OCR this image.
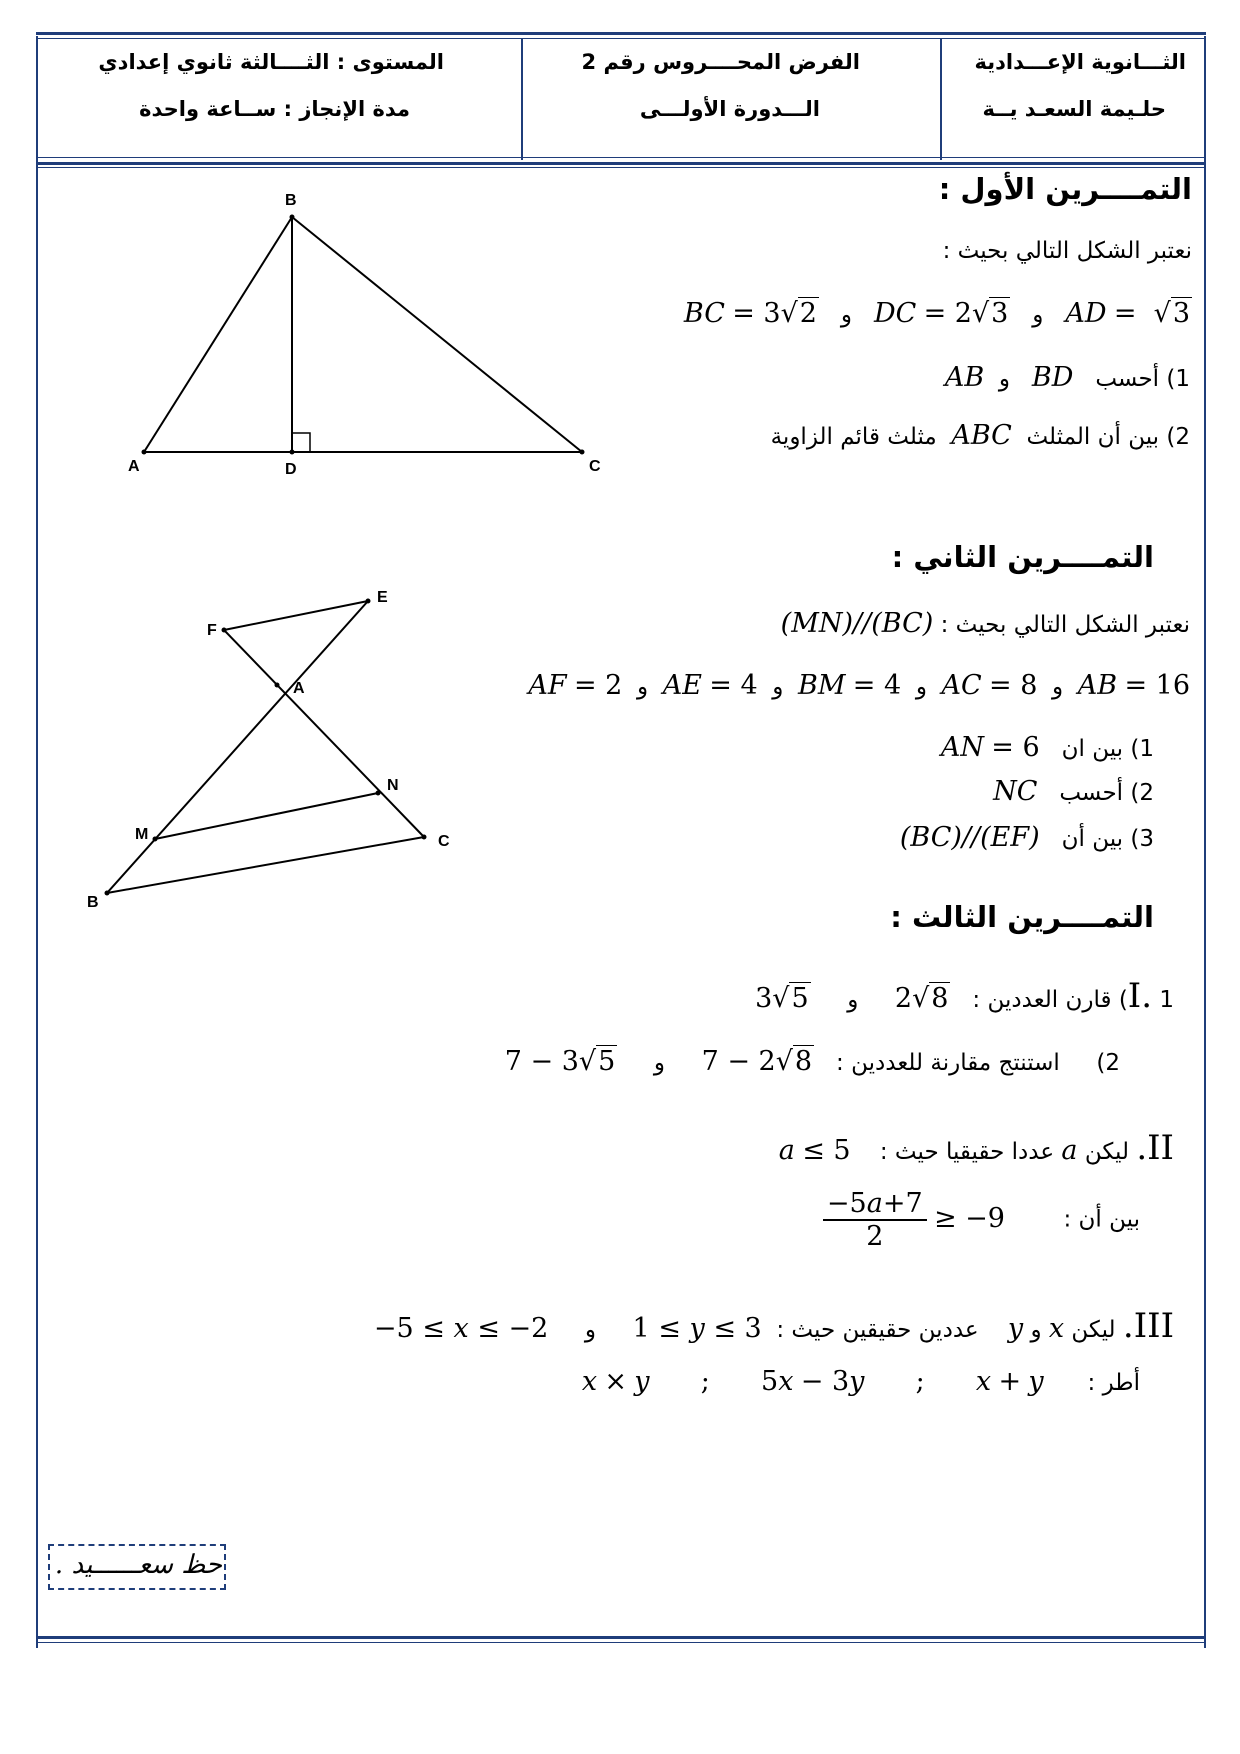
الثـــانوية الإعـــدادية
حلـيمة السعـد يــة
الفرض المحــــروس رقم 2
الـــدورة الأولـــى
المستوى : الثــــالثة ثانوي إعدادي
مدة الإنجاز : ســاعة واحدة
A
B
C
D
التمــــرين الأول :
نعتبر الشكل التالي بحيث :
BC = 3√2 و DC = 2√3 و AD =  √3
1) أحسب   BD   و  AB
2) بين أن المثلث  ABC  مثلث قائم الزاوية
A
B
C
E
F
M
N
التمــــرين الثاني :
نعتبر الشكل التالي بحيث : (MN)//(BC)
AF = 2 و AE = 4 و BM = 4 و AC = 8 و AB = 16
1) بين ان   AN = 6
2) أحسب   NC
3) بين أن   (BC)//(EF)
التمــــرين الثالث :
I. 1) قارن العددين :   2√8     و     3√5
2)     استنتج مقارنة للعددين :   7 − 2√8     و     7 − 3√5
II. ليكن a عددا حقيقيا حيث :    a ≤ 5
بين أن :
$\frac{-5a+7}{2} \ge -9$
III. ليكن x و y    عددين حقيقين حيث :  1 ≤ y ≤ 3     و     −5 ≤ x ≤ −2
أطر :      x + y       ;       5x − 3y       ;       x × y
حظ سعــــــيد .
